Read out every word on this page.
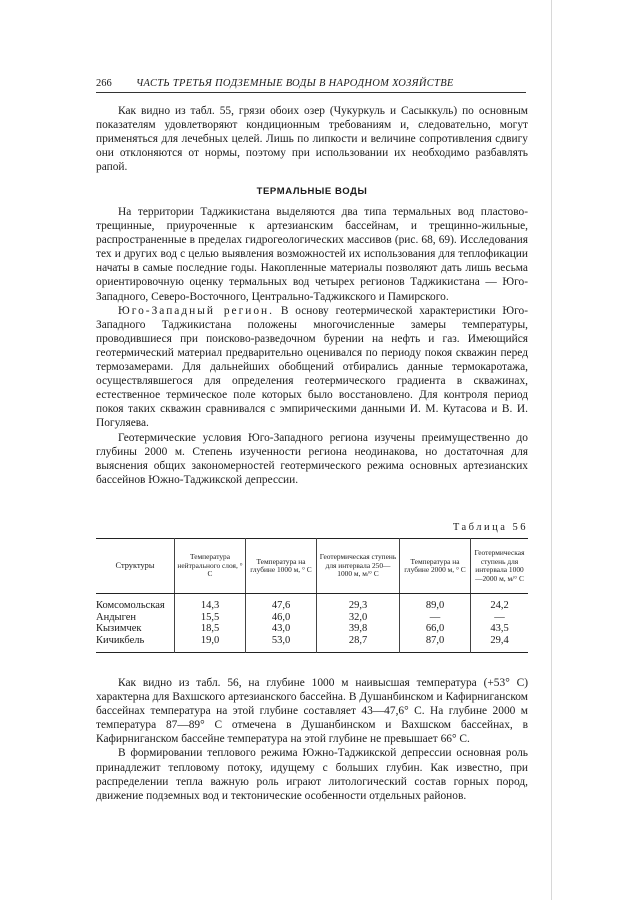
266	ЧАСТЬ ТРЕТЬЯ ПОДЗЕМНЫЕ ВОДЫ В НАРОДНОМ ХОЗЯЙСТВЕ

Как видно из табл. 55, грязи обоих озер (Чукуркуль и Сасыккуль) по основным показателям удовлетворяют кондиционным требованиям и, следовательно, могут применяться для лечебных целей. Лишь по липкости и величине сопротивления сдвигу они отклоняются от нормы, поэтому при использовании их необходимо разбавлять рапой.

ТЕРМАЛЬНЫЕ ВОДЫ

На территории Таджикистана выделяются два типа термальных вод пластово-трещинные, приуроченные к артезианским бассейнам, и трещинно-жильные, распространенные в пределах гидрогеологических массивов (рис. 68, 69). Исследования тех и других вод с целью выявления возможностей их использования для теплофикации начаты в самые последние годы. Накопленные материалы позволяют дать лишь весьма ориентировочную оценку термальных вод четырех регионов Таджикистана — Юго-Западного, Северо-Восточного, Центрально-Таджикского и Памирского.

Юго-Западный регион. В основу геотермической характеристики Юго-Западного Таджикистана положены многочисленные замеры температуры, проводившиеся при поисково-разведочном бурении на нефть и газ. Имеющийся геотермический материал предварительно оценивался по периоду покоя скважин перед термозамерами. Для дальнейших обобщений отбирались данные термокаротажа, осуществлявшегося для определения геотермического градиента в скважинах, естественное термическое поле которых было восстановлено. Для контроля период покоя таких скважин сравнивался с эмпирическими данными И. М. Кутасова и В. И. Погуляева.

Геотермические условия Юго-Западного региона изучены преимущественно до глубины 2000 м. Степень изученности региона неодинакова, но достаточная для выяснения общих закономерностей геотермического режима основных артезианских бассейнов Южно-Таджикской депрессии.

Таблица 56
Структуры	Температура нейтрального слоя, ° С	Температура на глубине 1000 м, ° С	Геотермическая ступень для интервала 250—1000 м, м/° С	Температура на глубине 2000 м, ° С	Геотермическая ступень для интервала 1000—2000 м, м/° С
Комсомольская	14,3	47,6	29,3	89,0	24,2
Андыген	15,5	46,0	32,0	—	—
Кызимчек	18,5	43,0	39,8	66,0	43,5
Кичикбель	19,0	53,0	28,7	87,0	29,4

Как видно из табл. 56, на глубине 1000 м наивысшая температура (+53° С) характерна для Вахшского артезианского бассейна. В Душанбинском и Кафирниганском бассейнах температура на этой глубине составляет 43—47,6° С. На глубине 2000 м температура 87—89° С отмечена в Душанбинском и Вахшском бассейнах, в Кафирниганском бассейне температура на этой глубине не превышает 66° С.

В формировании теплового режима Южно-Таджикской депрессии основная роль принадлежит тепловому потоку, идущему с больших глубин. Как известно, при распределении тепла важную роль играют литологический состав горных пород, движение подземных вод и тектонические особенности отдельных районов.
